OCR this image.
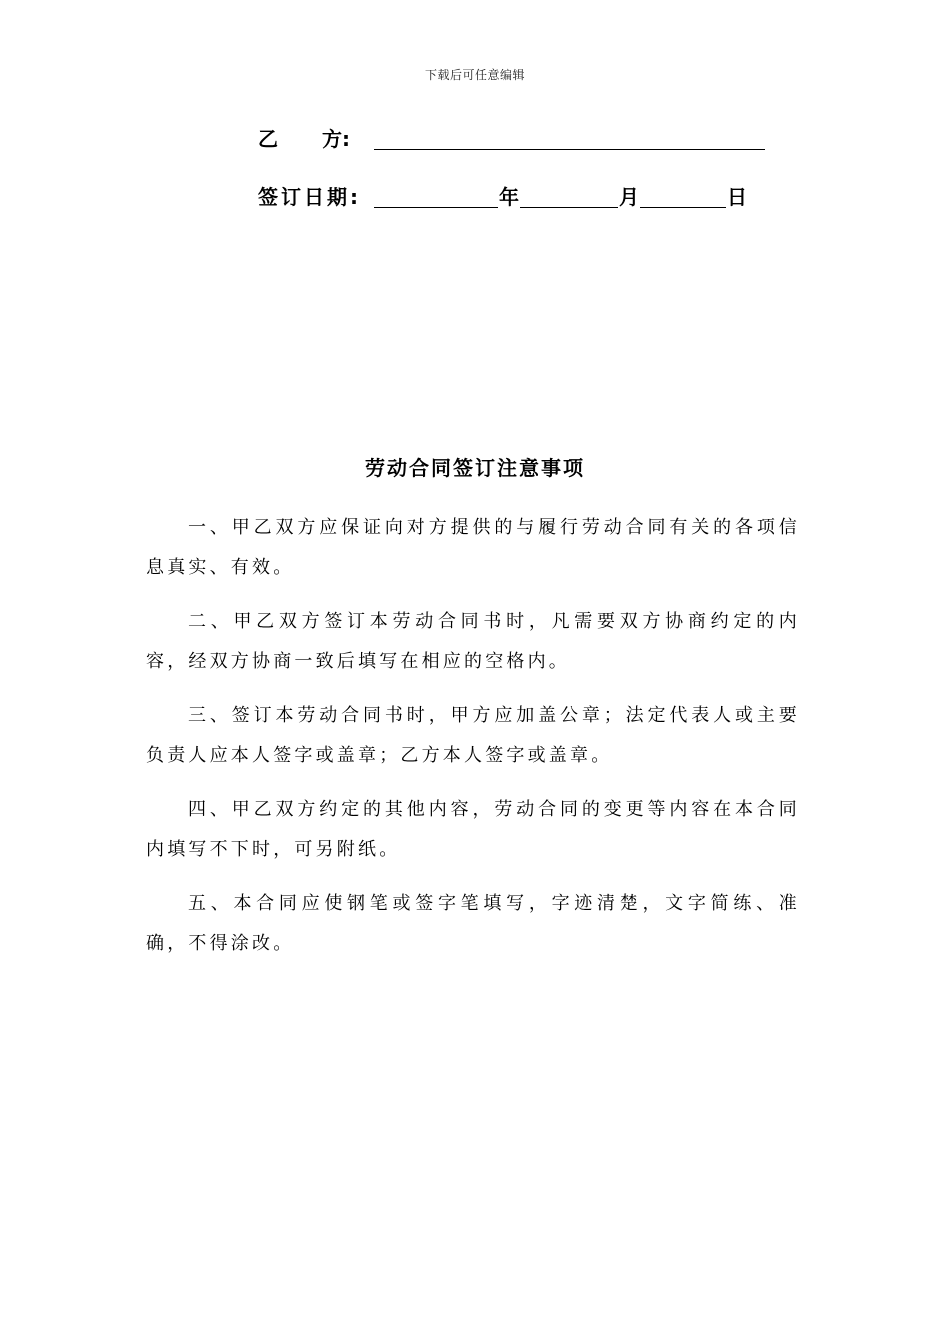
下载后可任意编辑
乙 方:
签订日期:	年	月	日
劳动合同签订注意事项

一、甲乙双方应保证向对方提供的与履行劳动合同有关的各项信息真实、有效。

二、甲乙双方签订本劳动合同书时，凡需要双方协商约定的内容，经双方协商一致后填写在相应的空格内。

三、签订本劳动合同书时，甲方应加盖公章；法定代表人或主要负责人应本人签字或盖章；乙方本人签字或盖章。

四、甲乙双方约定的其他内容，劳动合同的变更等内容在本合同内填写不下时，可另附纸。

五、本合同应使钢笔或签字笔填写，字迹清楚，文字简练、准确，不得涂改。
